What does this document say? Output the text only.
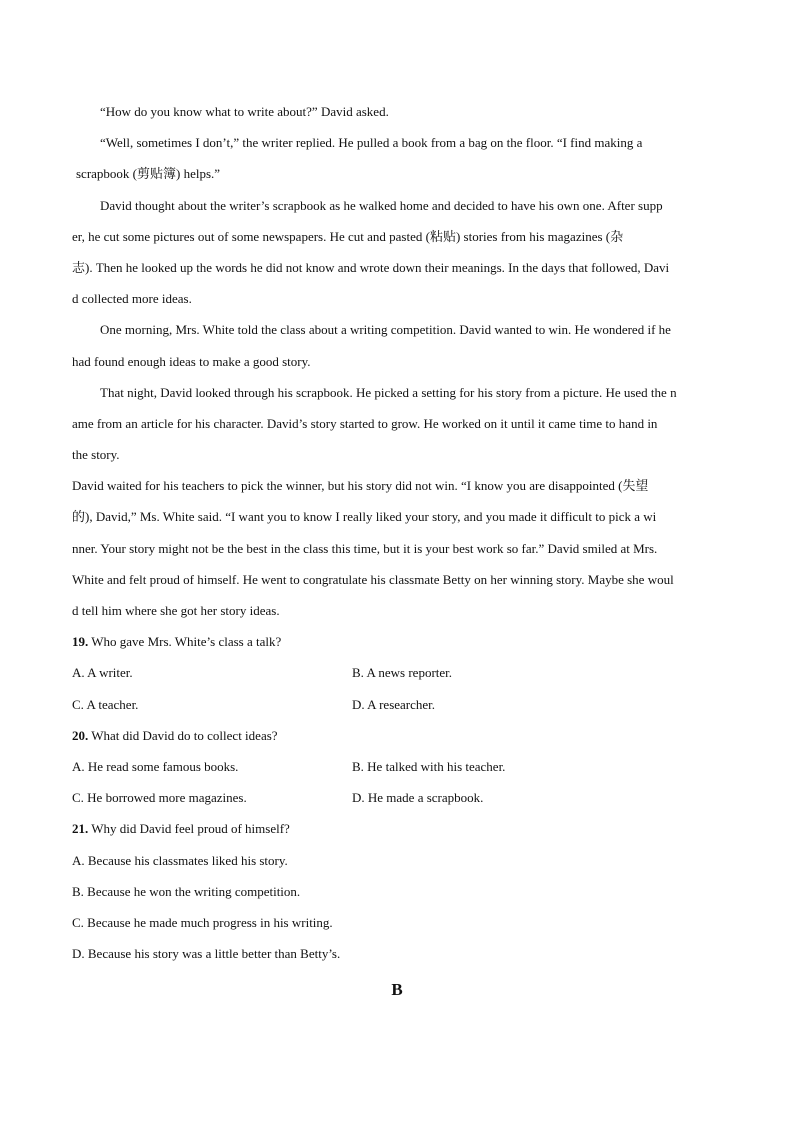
“How do you know what to write about?” David asked.
“Well, sometimes I don’t,” the writer replied. He pulled a book from a bag on the floor. “I find making a
scrapbook (剪贴簿) helps.”
David thought about the writer’s scrapbook as he walked home and decided to have his own one. After supp
er, he cut some pictures out of some newspapers. He cut and pasted (粘贴) stories from his magazines (杂
志). Then he looked up the words he did not know and wrote down their meanings. In the days that followed, Davi
d collected more ideas.
One morning, Mrs. White told the class about a writing competition. David wanted to win. He wondered if he
had found enough ideas to make a good story.
That night, David looked through his scrapbook. He picked a setting for his story from a picture. He used the n
ame from an article for his character. David’s story started to grow. He worked on it until it came time to hand in
the story.
David waited for his teachers to pick the winner, but his story did not win. “I know you are disappointed (失望
的), David,” Ms. White said. “I want you to know I really liked your story, and you made it difficult to pick a wi
nner. Your story might not be the best in the class this time, but it is your best work so far.” David smiled at Mrs.
White and felt proud of himself. He went to congratulate his classmate Betty on her winning story. Maybe she woul
d tell him where she got her story ideas.
19. Who gave Mrs. White’s class a talk?
A. A writer.	B. A news reporter.
C. A teacher.	D. A researcher.
20. What did David do to collect ideas?
A. He read some famous books.	B. He talked with his teacher.
C. He borrowed more magazines.	D. He made a scrapbook.
21. Why did David feel proud of himself?
A. Because his classmates liked his story.
B. Because he won the writing competition.
C. Because he made much progress in his writing.
D. Because his story was a little better than Betty’s.
B
